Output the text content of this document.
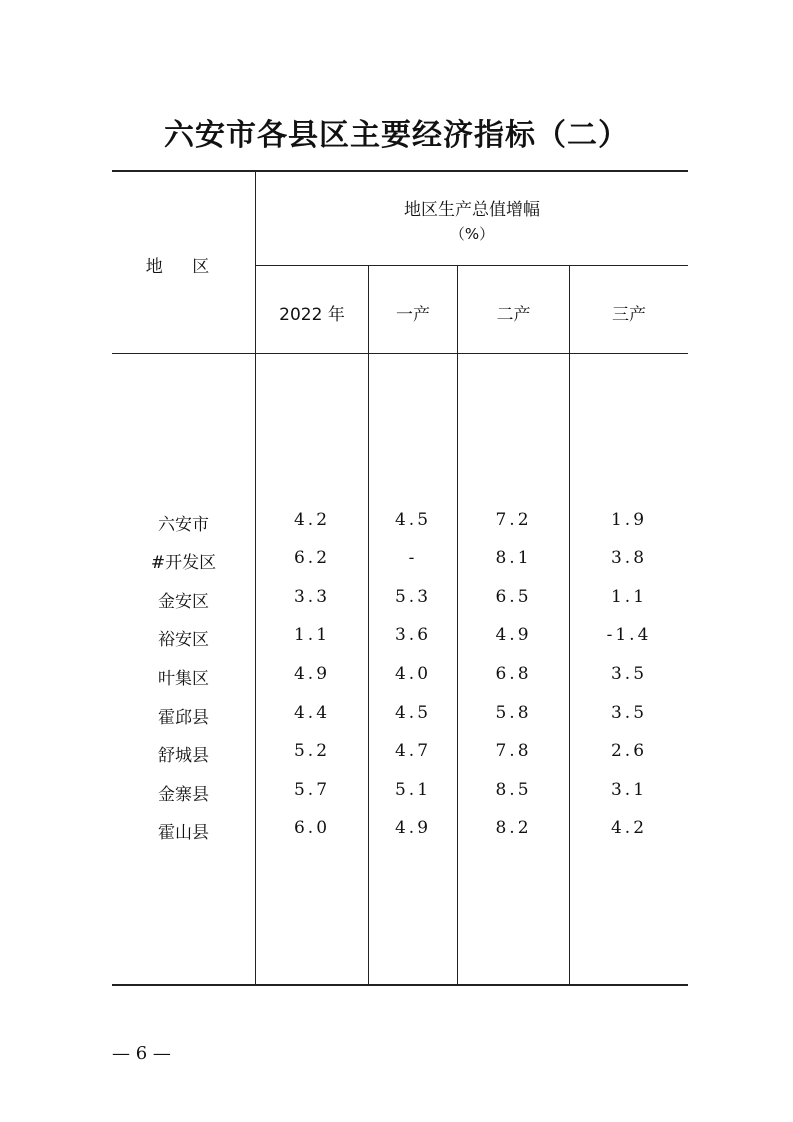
六安市各县区主要经济指标（二）
地 区
地区生产总值增幅
（%）
2022 年	一产	二产	三产
六安市	4.2	4.5	7.2	1.9
#开发区	6.2	-	8.1	3.8
金安区	3.3	5.3	6.5	1.1
裕安区	1.1	3.6	4.9	-1.4
叶集区	4.9	4.0	6.8	3.5
霍邱县	4.4	4.5	5.8	3.5
舒城县	5.2	4.7	7.8	2.6
金寨县	5.7	5.1	8.5	3.1
霍山县	6.0	4.9	8.2	4.2
— 6 —
